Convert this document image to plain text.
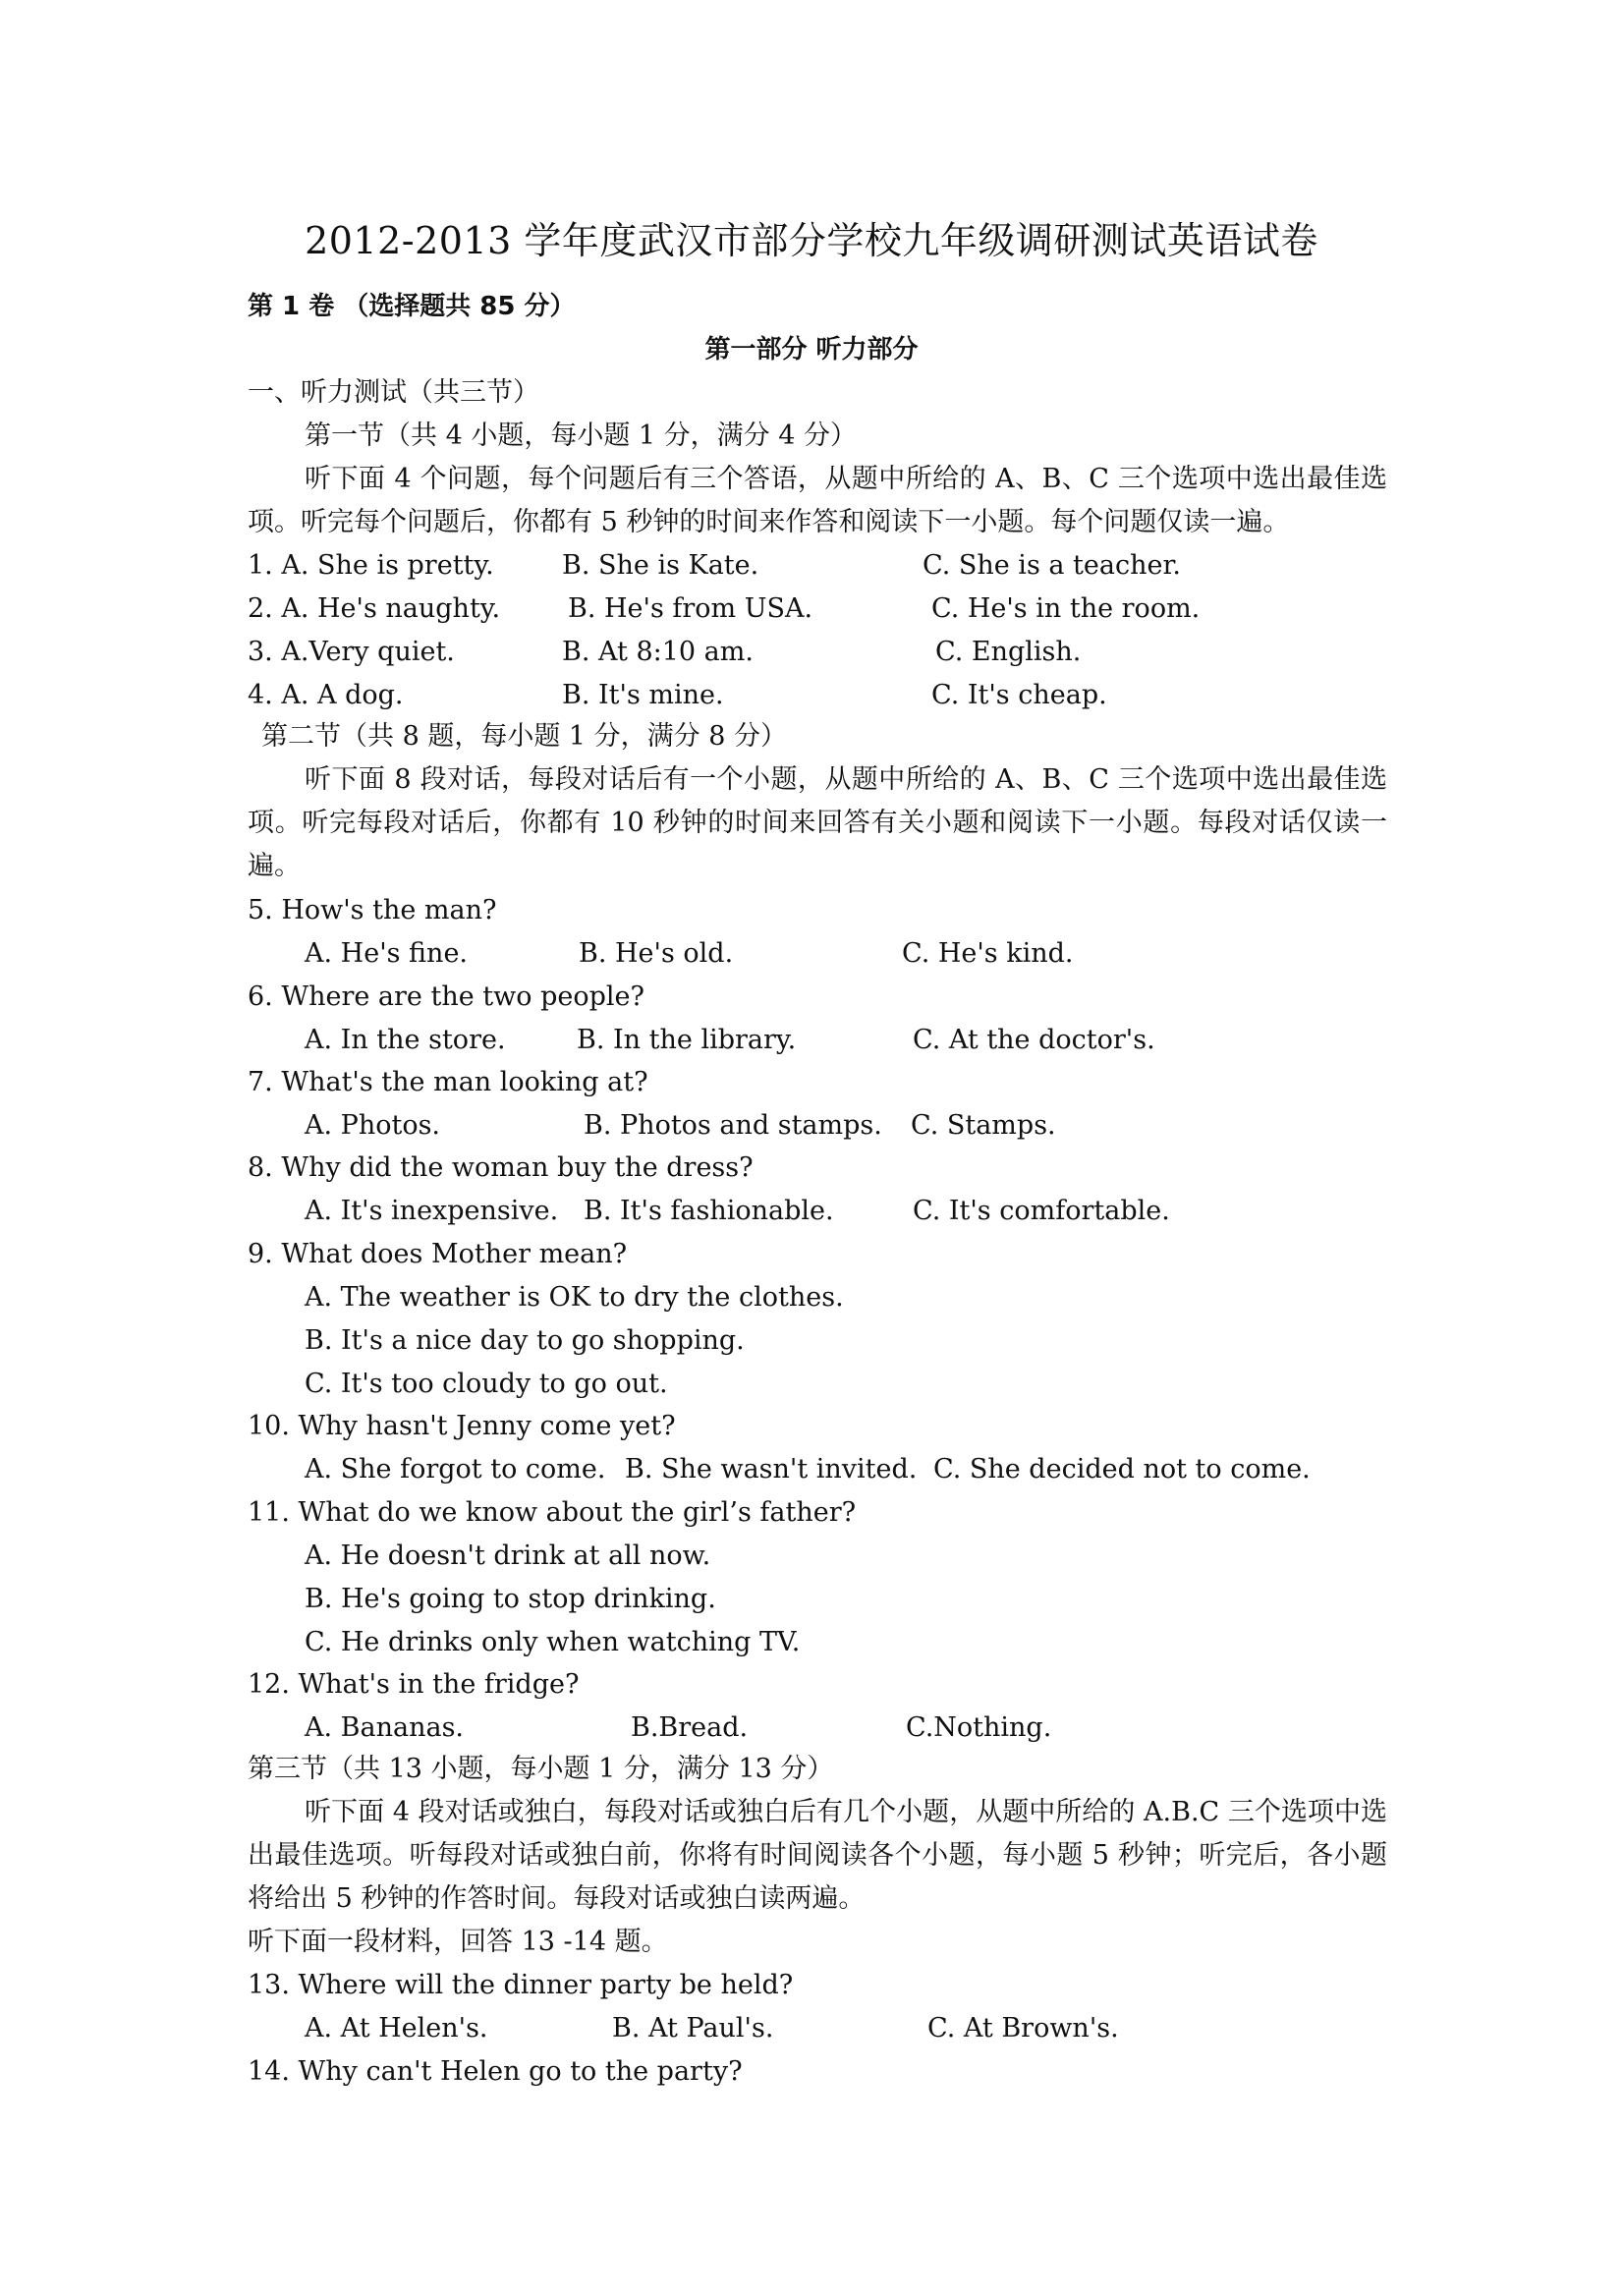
2012-2013 学年度武汉市部分学校九年级调研测试英语试卷
第 1 卷 （选择题共 85 分）
第一部分 听力部分
一、听力测试（共三节）
第一节（共 4 小题，每小题 1 分，满分 4 分）
听下面 4 个问题，每个问题后有三个答语，从题中所给的 A、B、C 三个选项中选出最佳选项。听完每个问题后，你都有 5 秒钟的时间来作答和阅读下一小题。每个问题仅读一遍。
1. A. She is pretty.	B. She is Kate.	C. She is a teacher.
2. A. He's naughty.	B. He's from USA.	C. He's in the room.
3. A.Very quiet.	B. At 8:10 am.	C. English.
4. A. A dog.	B. It's mine.	C. It's cheap.
第二节（共 8 题，每小题 1 分，满分 8 分）
听下面 8 段对话，每段对话后有一个小题，从题中所给的 A、B、C 三个选项中选出最佳选项。听完每段对话后，你都有 10 秒钟的时间来回答有关小题和阅读下一小题。每段对话仅读一遍。
5. How's the man?
A. He's fine.	B. He's old.	C. He's kind.
6. Where are the two people?
A. In the store.	B. In the library.	C. At the doctor's.
7. What's the man looking at?
A. Photos.	B. Photos and stamps. C. Stamps.
8. Why did the woman buy the dress?
A. It's inexpensive. B. It's fashionable.	C. It's comfortable.
9. What does Mother mean?
A. The weather is OK to dry the clothes.
B. It's a nice day to go shopping.
C. It's too cloudy to go out.
10. Why hasn't Jenny come yet?
A. She forgot to come. B. She wasn't invited. C. She decided not to come.
11. What do we know about the girl’s father?
A. He doesn't drink at all now.
B. He's going to stop drinking.
C. He drinks only when watching TV.
12. What's in the fridge?
A. Bananas.	B.Bread.	C.Nothing.
第三节（共 13 小题，每小题 1 分，满分 13 分）
听下面 4 段对话或独白，每段对话或独白后有几个小题，从题中所给的 A.B.C 三个选项中选出最佳选项。听每段对话或独白前，你将有时间阅读各个小题，每小题 5 秒钟；听完后，各小题将给出 5 秒钟的作答时间。每段对话或独白读两遍。
听下面一段材料，回答 13 -14 题。
13. Where will the dinner party be held?
A. At Helen's.	B. At Paul's.	C. At Brown's.
14. Why can't Helen go to the party?
